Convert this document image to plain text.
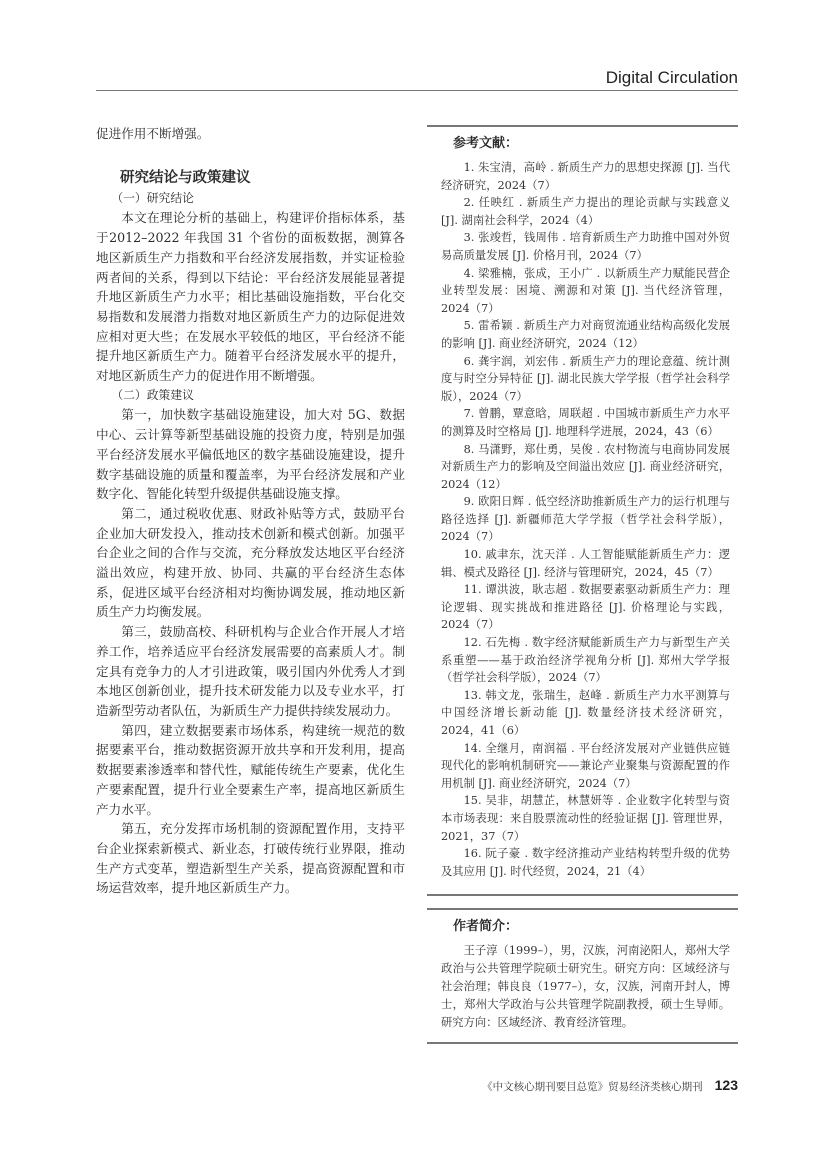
Digital Circulation

促进作用不断增强。

研究结论与政策建议
（一）研究结论

本文在理论分析的基础上，构建评价指标体系，基于2012–2022 年我国 31 个省份的面板数据，测算各地区新质生产力指数和平台经济发展指数，并实证检验两者间的关系，得到以下结论：平台经济发展能显著提升地区新质生产力水平；相比基础设施指数，平台化交易指数和发展潜力指数对地区新质生产力的边际促进效应相对更大些；在发展水平较低的地区，平台经济不能提升地区新质生产力。随着平台经济发展水平的提升，对地区新质生产力的促进作用不断增强。

（二）政策建议

第一，加快数字基础设施建设，加大对 5G、数据中心、云计算等新型基础设施的投资力度，特别是加强平台经济发展水平偏低地区的数字基础设施建设，提升数字基础设施的质量和覆盖率，为平台经济发展和产业数字化、智能化转型升级提供基础设施支撑。

第二，通过税收优惠、财政补贴等方式，鼓励平台企业加大研发投入，推动技术创新和模式创新。加强平台企业之间的合作与交流，充分释放发达地区平台经济溢出效应，构建开放、协同、共赢的平台经济生态体系，促进区域平台经济相对均衡协调发展，推动地区新质生产力均衡发展。

第三，鼓励高校、科研机构与企业合作开展人才培养工作，培养适应平台经济发展需要的高素质人才。制定具有竞争力的人才引进政策，吸引国内外优秀人才到本地区创新创业，提升技术研发能力以及专业水平，打造新型劳动者队伍，为新质生产力提供持续发展动力。

第四，建立数据要素市场体系，构建统一规范的数据要素平台，推动数据资源开放共享和开发利用，提高数据要素渗透率和替代性，赋能传统生产要素，优化生产要素配置，提升行业全要素生产率，提高地区新质生产力水平。

第五，充分发挥市场机制的资源配置作用，支持平台企业探索新模式、新业态，打破传统行业界限，推动生产方式变革，塑造新型生产关系，提高资源配置和市场运营效率，提升地区新质生产力。

参考文献：

1. 朱宝清，高岭 . 新质生产力的思想史探源 [J]. 当代经济研究，2024（7）

2. 任映红 . 新质生产力提出的理论贡献与实践意义 [J]. 湖南社会科学，2024（4）

3. 张竣哲，钱周伟 . 培育新质生产力助推中国对外贸易高质量发展 [J]. 价格月刊，2024（7）

4. 梁雅楠，张成，王小广 . 以新质生产力赋能民营企业转型发展：困境、溯源和对策 [J]. 当代经济管理，2024（7）

5. 雷希颖 . 新质生产力对商贸流通业结构高级化发展的影响 [J]. 商业经济研究，2024（12）

6. 龚宇润，刘宏伟 . 新质生产力的理论意蕴、统计测度与时空分异特征 [J]. 湖北民族大学学报（哲学社会科学版），2024（7）

7. 曾鹏，覃意晗，周联超 . 中国城市新质生产力水平的测算及时空格局 [J]. 地理科学进展，2024，43（6）

8. 马潇野，郑仕勇，吴俊 . 农村物流与电商协同发展对新质生产力的影响及空间溢出效应 [J]. 商业经济研究，2024（12）

9. 欧阳日辉 . 低空经济助推新质生产力的运行机理与路径选择 [J]. 新疆师范大学学报（哲学社会科学版），2024（7）

10. 戚聿东，沈天洋 . 人工智能赋能新质生产力：逻辑、模式及路径 [J]. 经济与管理研究，2024，45（7）

11. 谭洪波，耿志超 . 数据要素驱动新质生产力：理论逻辑、现实挑战和推进路径 [J]. 价格理论与实践，2024（7）

12. 石先梅 . 数字经济赋能新质生产力与新型生产关系重塑——基于政治经济学视角分析 [J]. 郑州大学学报（哲学社会科学版），2024（7）

13. 韩文龙，张瑞生，赵峰 . 新质生产力水平测算与中国经济增长新动能 [J]. 数量经济技术经济研究，2024，41（6）

14. 全继月，南润福 . 平台经济发展对产业链供应链现代化的影响机制研究——兼论产业聚集与资源配置的作用机制 [J]. 商业经济研究，2024（7）

15. 吴非，胡慧芷，林慧妍等 . 企业数字化转型与资本市场表现：来自股票流动性的经验证据 [J]. 管理世界，2021，37（7）

16. 阮子豪 . 数字经济推动产业结构转型升级的优势及其应用 [J]. 时代经贸，2024，21（4）

作者简介：

王子淳（1999–），男，汉族，河南泌阳人，郑州大学政治与公共管理学院硕士研究生。研究方向：区域经济与社会治理；韩良良（1977–），女，汉族，河南开封人，博士，郑州大学政治与公共管理学院副教授，硕士生导师。研究方向：区域经济、教育经济管理。

《中文核心期刊要目总览》贸易经济类核心期刊 123
